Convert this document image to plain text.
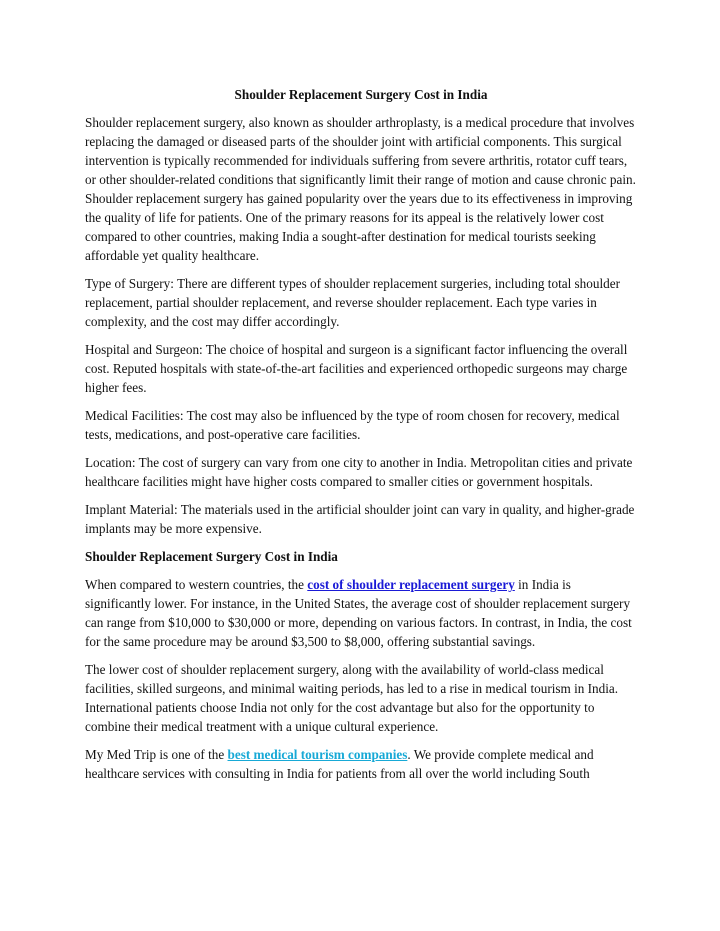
Shoulder Replacement Surgery Cost in India

Shoulder replacement surgery, also known as shoulder arthroplasty, is a medical procedure that involves replacing the damaged or diseased parts of the shoulder joint with artificial components. This surgical intervention is typically recommended for individuals suffering from severe arthritis, rotator cuff tears, or other shoulder-related conditions that significantly limit their range of motion and cause chronic pain. Shoulder replacement surgery has gained popularity over the years due to its effectiveness in improving the quality of life for patients. One of the primary reasons for its appeal is the relatively lower cost compared to other countries, making India a sought-after destination for medical tourists seeking affordable yet quality healthcare.

Type of Surgery: There are different types of shoulder replacement surgeries, including total shoulder replacement, partial shoulder replacement, and reverse shoulder replacement. Each type varies in complexity, and the cost may differ accordingly.

Hospital and Surgeon: The choice of hospital and surgeon is a significant factor influencing the overall cost. Reputed hospitals with state-of-the-art facilities and experienced orthopedic surgeons may charge higher fees.

Medical Facilities: The cost may also be influenced by the type of room chosen for recovery, medical tests, medications, and post-operative care facilities.

Location: The cost of surgery can vary from one city to another in India. Metropolitan cities and private healthcare facilities might have higher costs compared to smaller cities or government hospitals.

Implant Material: The materials used in the artificial shoulder joint can vary in quality, and higher-grade implants may be more expensive.

Shoulder Replacement Surgery Cost in India

When compared to western countries, the cost of shoulder replacement surgery in India is significantly lower. For instance, in the United States, the average cost of shoulder replacement surgery can range from $10,000 to $30,000 or more, depending on various factors. In contrast, in India, the cost for the same procedure may be around $3,500 to $8,000, offering substantial savings.

The lower cost of shoulder replacement surgery, along with the availability of world-class medical facilities, skilled surgeons, and minimal waiting periods, has led to a rise in medical tourism in India. International patients choose India not only for the cost advantage but also for the opportunity to combine their medical treatment with a unique cultural experience.

My Med Trip is one of the best medical tourism companies. We provide complete medical and healthcare services with consulting in India for patients from all over the world including South
